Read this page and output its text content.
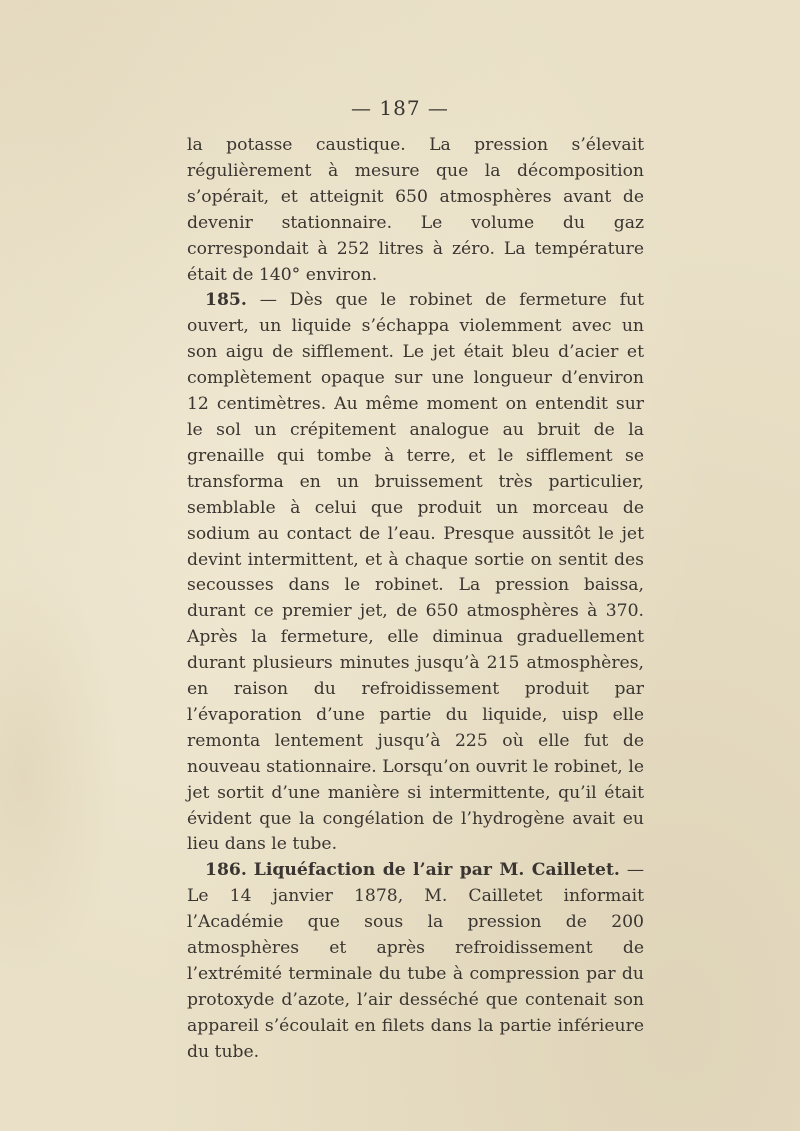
— 187 —

la potasse caustique. La pression s’élevait régulièrement à mesure que la décomposition s’opérait, et atteignit 650 atmosphères avant de devenir stationnaire. Le volume du gaz correspondait à 252 litres à zéro. La température était de 140° environ.

185. — Dès que le robinet de fermeture fut ouvert, un liquide s’échappa violemment avec un son aigu de sifflement. Le jet était bleu d’acier et complètement opaque sur une longueur d’environ 12 centimètres. Au même moment on entendit sur le sol un crépitement analogue au bruit de la grenaille qui tombe à terre, et le sifflement se transforma en un bruissement très particulier, semblable à celui que produit un morceau de sodium au contact de l’eau. Presque aussitôt le jet devint intermittent, et à chaque sortie on sentit des secousses dans le robinet. La pression baissa, durant ce premier jet, de 650 atmosphères à 370. Après la fermeture, elle diminua graduellement durant plusieurs minutes jusqu’à 215 atmosphères, en raison du refroidissement produit par l’évaporation d’une partie du liquide, uisp elle remonta lentement jusqu’à 225 où elle fut de nouveau stationnaire. Lorsqu’on ouvrit le robinet, le jet sortit d’une manière si intermittente, qu’il était évident que la congélation de l’hydrogène avait eu lieu dans le tube.

186. Liquéfaction de l’air par M. Cailletet. — Le 14 janvier 1878, M. Cailletet informait l’Académie que sous la pression de 200 atmosphères et après refroidissement de l’extrémité terminale du tube à compression par du protoxyde d’azote, l’air desséché que contenait son appareil s’écoulait en filets dans la partie inférieure du tube.
